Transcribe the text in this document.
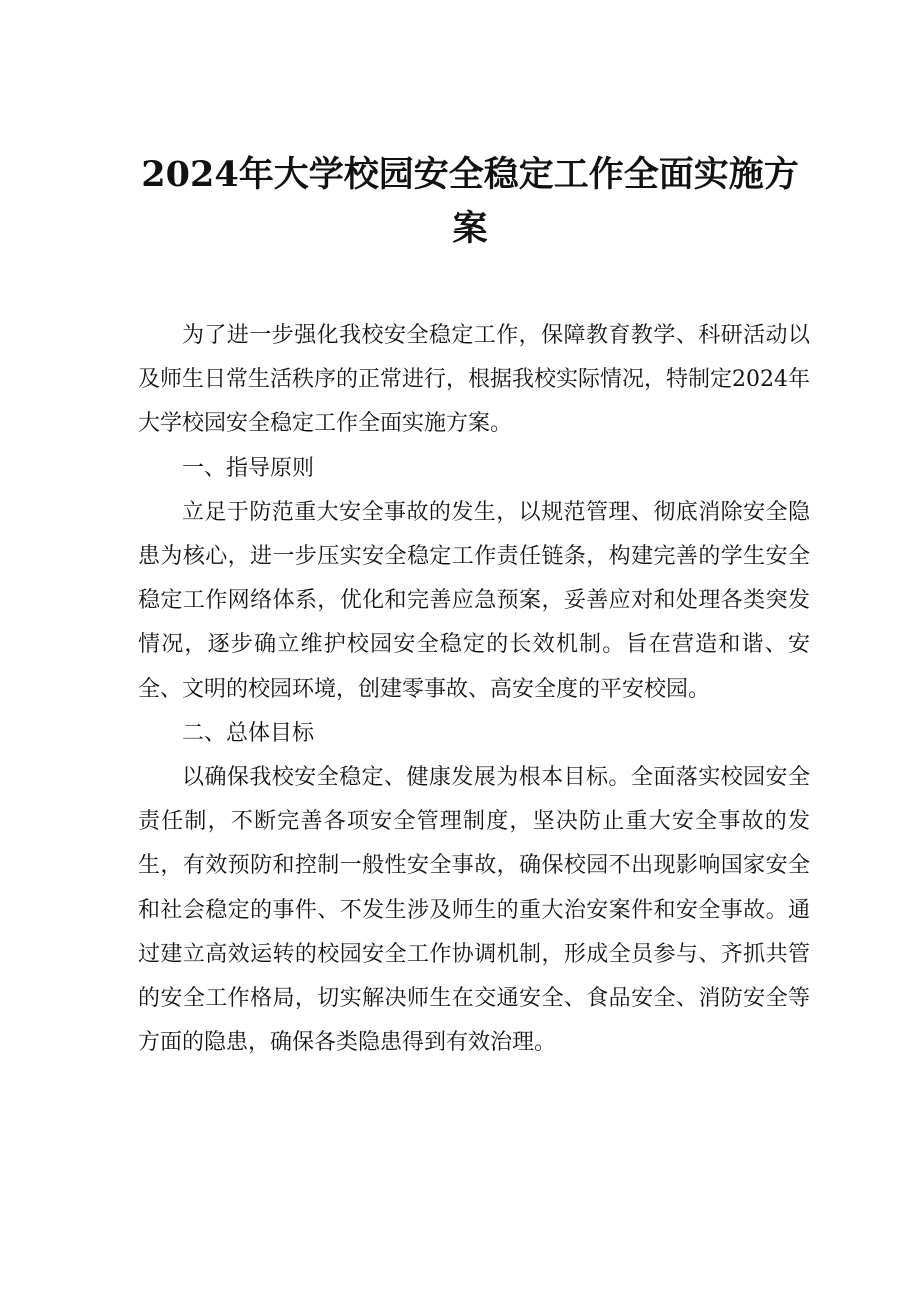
2024年大学校园安全稳定工作全面实施方案

为了进一步强化我校安全稳定工作，保障教育教学、科研活动以及师生日常生活秩序的正常进行，根据我校实际情况，特制定2024年大学校园安全稳定工作全面实施方案。

一、指导原则

立足于防范重大安全事故的发生，以规范管理、彻底消除安全隐患为核心，进一步压实安全稳定工作责任链条，构建完善的学生安全稳定工作网络体系，优化和完善应急预案，妥善应对和处理各类突发情况，逐步确立维护校园安全稳定的长效机制。旨在营造和谐、安全、文明的校园环境，创建零事故、高安全度的平安校园。

二、总体目标

以确保我校安全稳定、健康发展为根本目标。全面落实校园安全责任制，不断完善各项安全管理制度，坚决防止重大安全事故的发生，有效预防和控制一般性安全事故，确保校园不出现影响国家安全和社会稳定的事件、不发生涉及师生的重大治安案件和安全事故。通过建立高效运转的校园安全工作协调机制，形成全员参与、齐抓共管的安全工作格局，切实解决师生在交通安全、食品安全、消防安全等方面的隐患，确保各类隐患得到有效治理。
